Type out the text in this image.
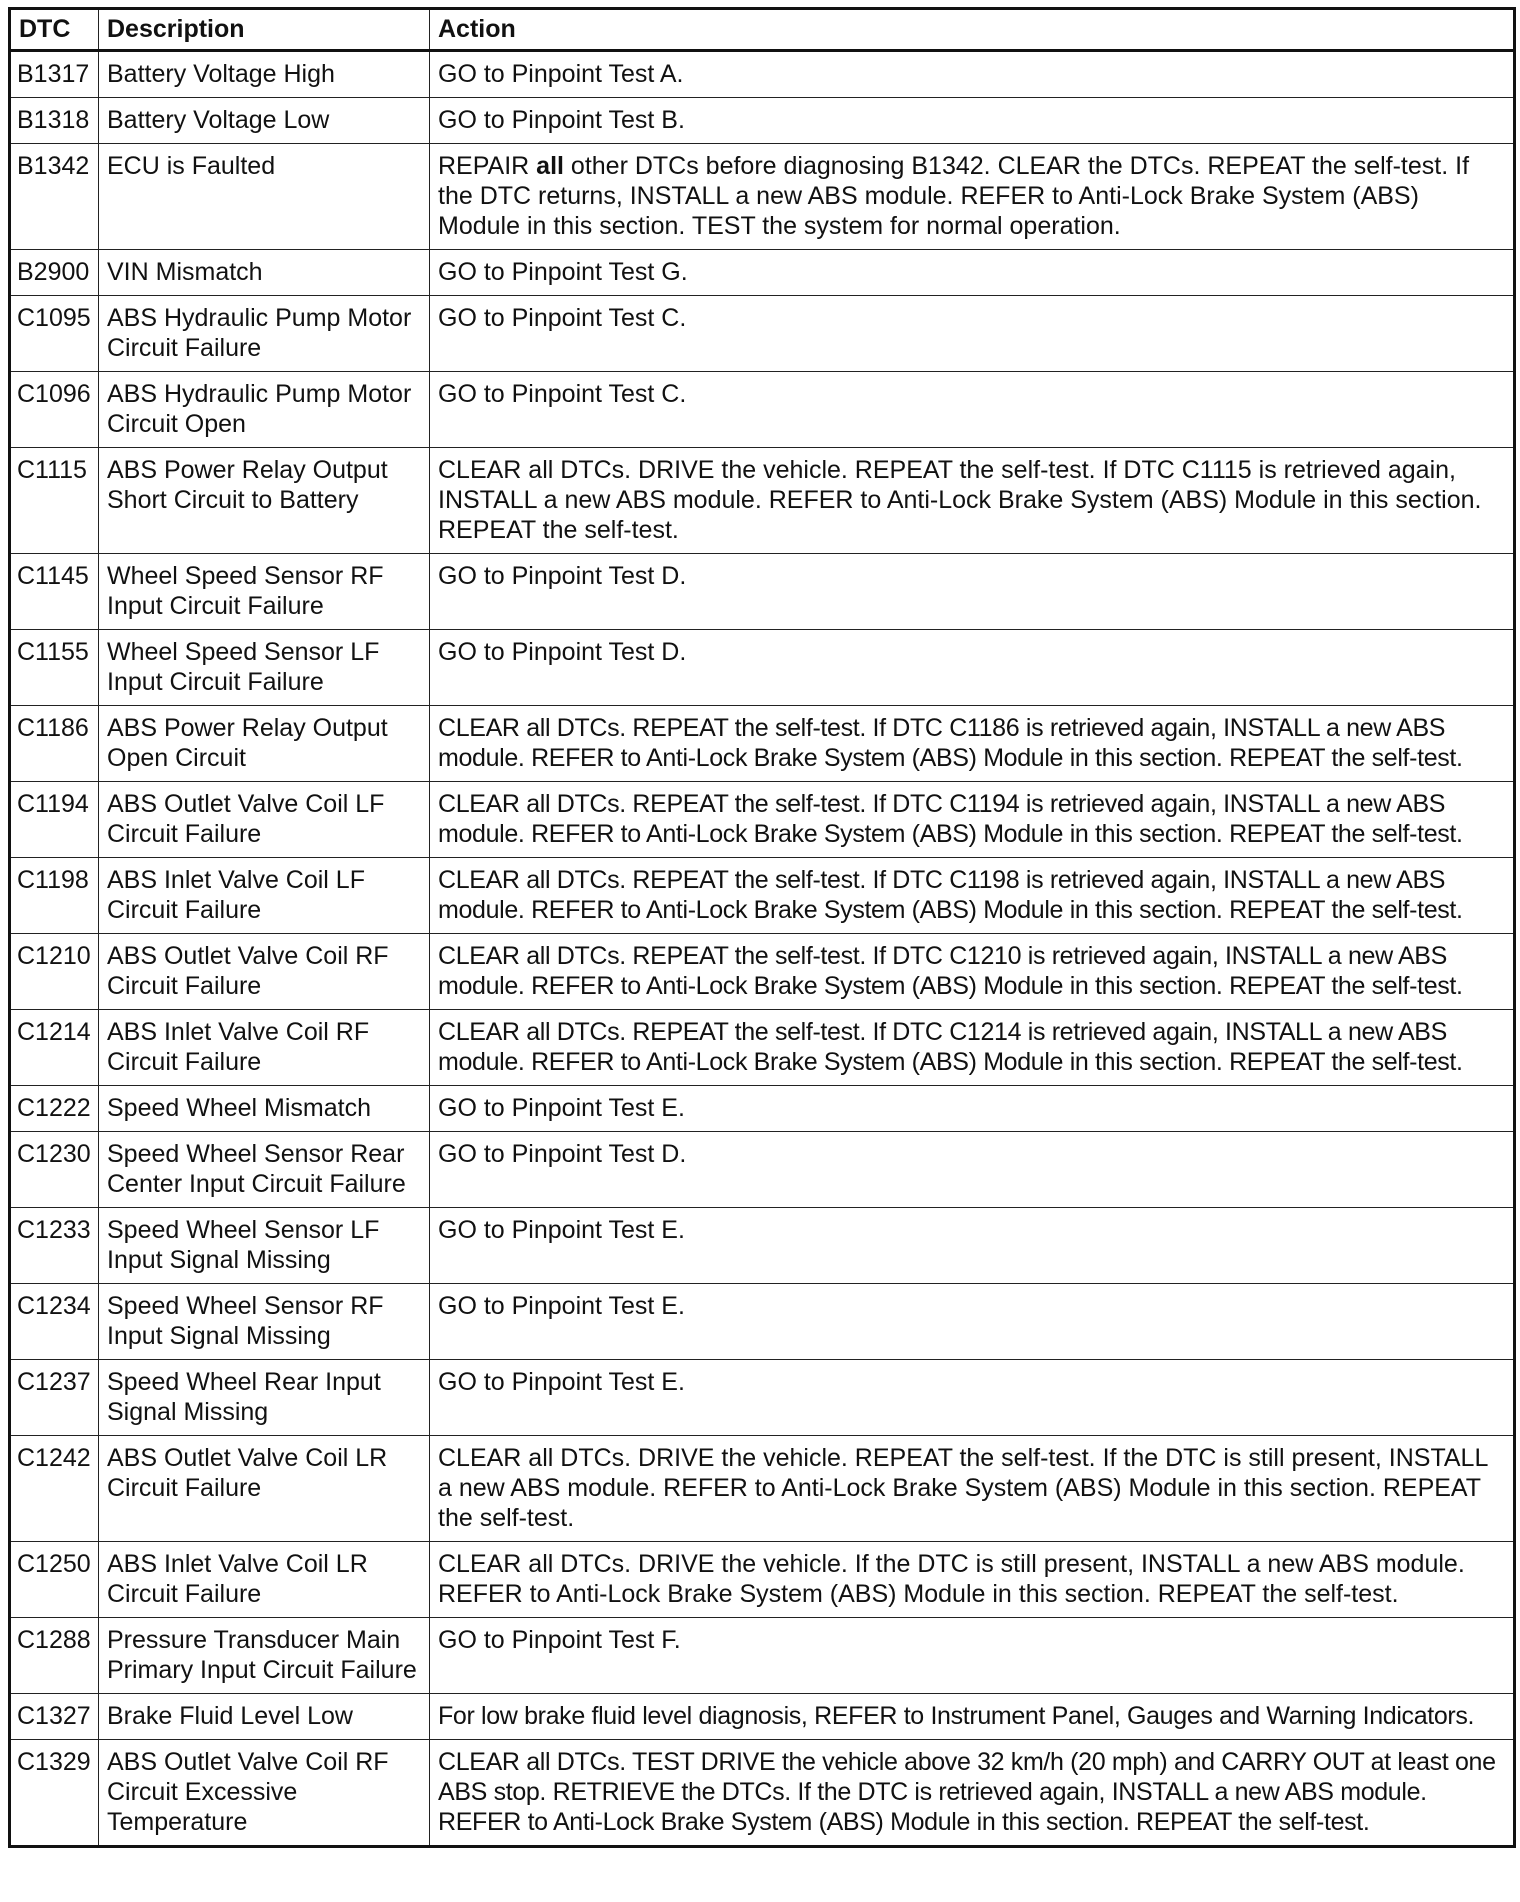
DTC	Description	Action
B1317	Battery Voltage High	GO to Pinpoint Test A.
B1318	Battery Voltage Low	GO to Pinpoint Test B.
B1342	ECU is Faulted	REPAIR all other DTCs before diagnosing B1342. CLEAR the DTCs. REPEAT the self-test. If the DTC returns, INSTALL a new ABS module. REFER to Anti-Lock Brake System (ABS) Module in this section. TEST the system for normal operation.
B2900	VIN Mismatch	GO to Pinpoint Test G.
C1095	ABS Hydraulic Pump Motor Circuit Failure	GO to Pinpoint Test C.
C1096	ABS Hydraulic Pump Motor Circuit Open	GO to Pinpoint Test C.
C1115	ABS Power Relay Output Short Circuit to Battery	CLEAR all DTCs. DRIVE the vehicle. REPEAT the self-test. If DTC C1115 is retrieved again, INSTALL a new ABS module. REFER to Anti-Lock Brake System (ABS) Module in this section. REPEAT the self-test.
C1145	Wheel Speed Sensor RF Input Circuit Failure	GO to Pinpoint Test D.
C1155	Wheel Speed Sensor LF Input Circuit Failure	GO to Pinpoint Test D.
C1186	ABS Power Relay Output Open Circuit	CLEAR all DTCs. REPEAT the self-test. If DTC C1186 is retrieved again, INSTALL a new ABS module. REFER to Anti-Lock Brake System (ABS) Module in this section. REPEAT the self-test.
C1194	ABS Outlet Valve Coil LF Circuit Failure	CLEAR all DTCs. REPEAT the self-test. If DTC C1194 is retrieved again, INSTALL a new ABS module. REFER to Anti-Lock Brake System (ABS) Module in this section. REPEAT the self-test.
C1198	ABS Inlet Valve Coil LF Circuit Failure	CLEAR all DTCs. REPEAT the self-test. If DTC C1198 is retrieved again, INSTALL a new ABS module. REFER to Anti-Lock Brake System (ABS) Module in this section. REPEAT the self-test.
C1210	ABS Outlet Valve Coil RF Circuit Failure	CLEAR all DTCs. REPEAT the self-test. If DTC C1210 is retrieved again, INSTALL a new ABS module. REFER to Anti-Lock Brake System (ABS) Module in this section. REPEAT the self-test.
C1214	ABS Inlet Valve Coil RF Circuit Failure	CLEAR all DTCs. REPEAT the self-test. If DTC C1214 is retrieved again, INSTALL a new ABS module. REFER to Anti-Lock Brake System (ABS) Module in this section. REPEAT the self-test.
C1222	Speed Wheel Mismatch	GO to Pinpoint Test E.
C1230	Speed Wheel Sensor Rear Center Input Circuit Failure	GO to Pinpoint Test D.
C1233	Speed Wheel Sensor LF Input Signal Missing	GO to Pinpoint Test E.
C1234	Speed Wheel Sensor RF Input Signal Missing	GO to Pinpoint Test E.
C1237	Speed Wheel Rear Input Signal Missing	GO to Pinpoint Test E.
C1242	ABS Outlet Valve Coil LR Circuit Failure	CLEAR all DTCs. DRIVE the vehicle. REPEAT the self-test. If the DTC is still present, INSTALL a new ABS module. REFER to Anti-Lock Brake System (ABS) Module in this section. REPEAT the self-test.
C1250	ABS Inlet Valve Coil LR Circuit Failure	CLEAR all DTCs. DRIVE the vehicle. If the DTC is still present, INSTALL a new ABS module. REFER to Anti-Lock Brake System (ABS) Module in this section. REPEAT the self-test.
C1288	Pressure Transducer Main Primary Input Circuit Failure	GO to Pinpoint Test F.
C1327	Brake Fluid Level Low	For low brake fluid level diagnosis, REFER to Instrument Panel, Gauges and Warning Indicators.
C1329	ABS Outlet Valve Coil RF Circuit Excessive Temperature	CLEAR all DTCs. TEST DRIVE the vehicle above 32 km/h (20 mph) and CARRY OUT at least one ABS stop. RETRIEVE the DTCs. If the DTC is retrieved again, INSTALL a new ABS module. REFER to Anti-Lock Brake System (ABS) Module in this section. REPEAT the self-test.
